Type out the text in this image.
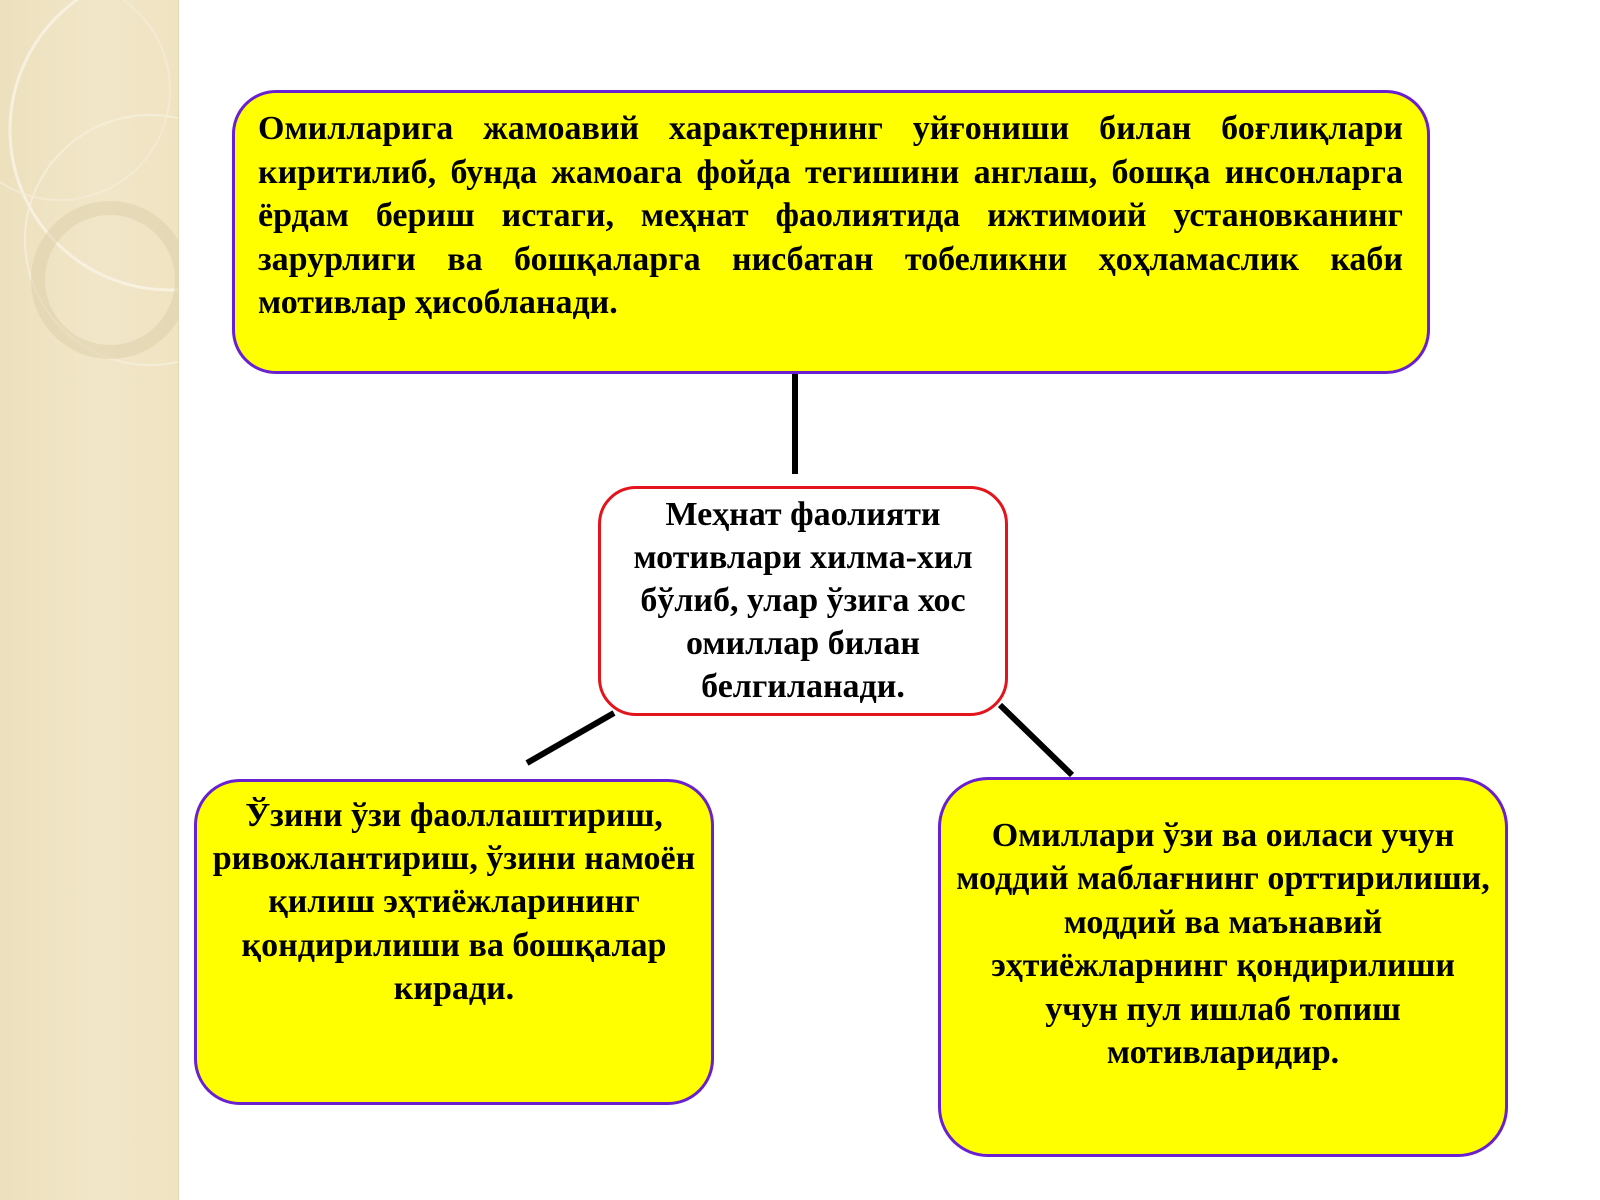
Омилларига жамоавий характернинг уйғониши билан боғлиқлари киритилиб, бунда жамоага фойда тегишини англаш, бошқа инсонларга ёрдам бериш истаги, меҳнат фаолиятида ижтимоий установканинг зарурлиги ва бошқаларга нисбатан тобеликни ҳоҳламаслик каби мотивлар ҳисобланади.
Меҳнат фаолияти мотивлари хилма-хил бўлиб, улар ўзига хос омиллар билан белгиланади.
Ўзини ўзи фаоллаштириш, ривожлантириш, ўзини намоён қилиш эҳтиёжларининг қондирилиши ва бошқалар киради.
Омиллари ўзи ва оиласи учун моддий маблағнинг орттирилиши, моддий ва маънавий эҳтиёжларнинг қондирилиши учун пул ишлаб топиш мотивларидир.
